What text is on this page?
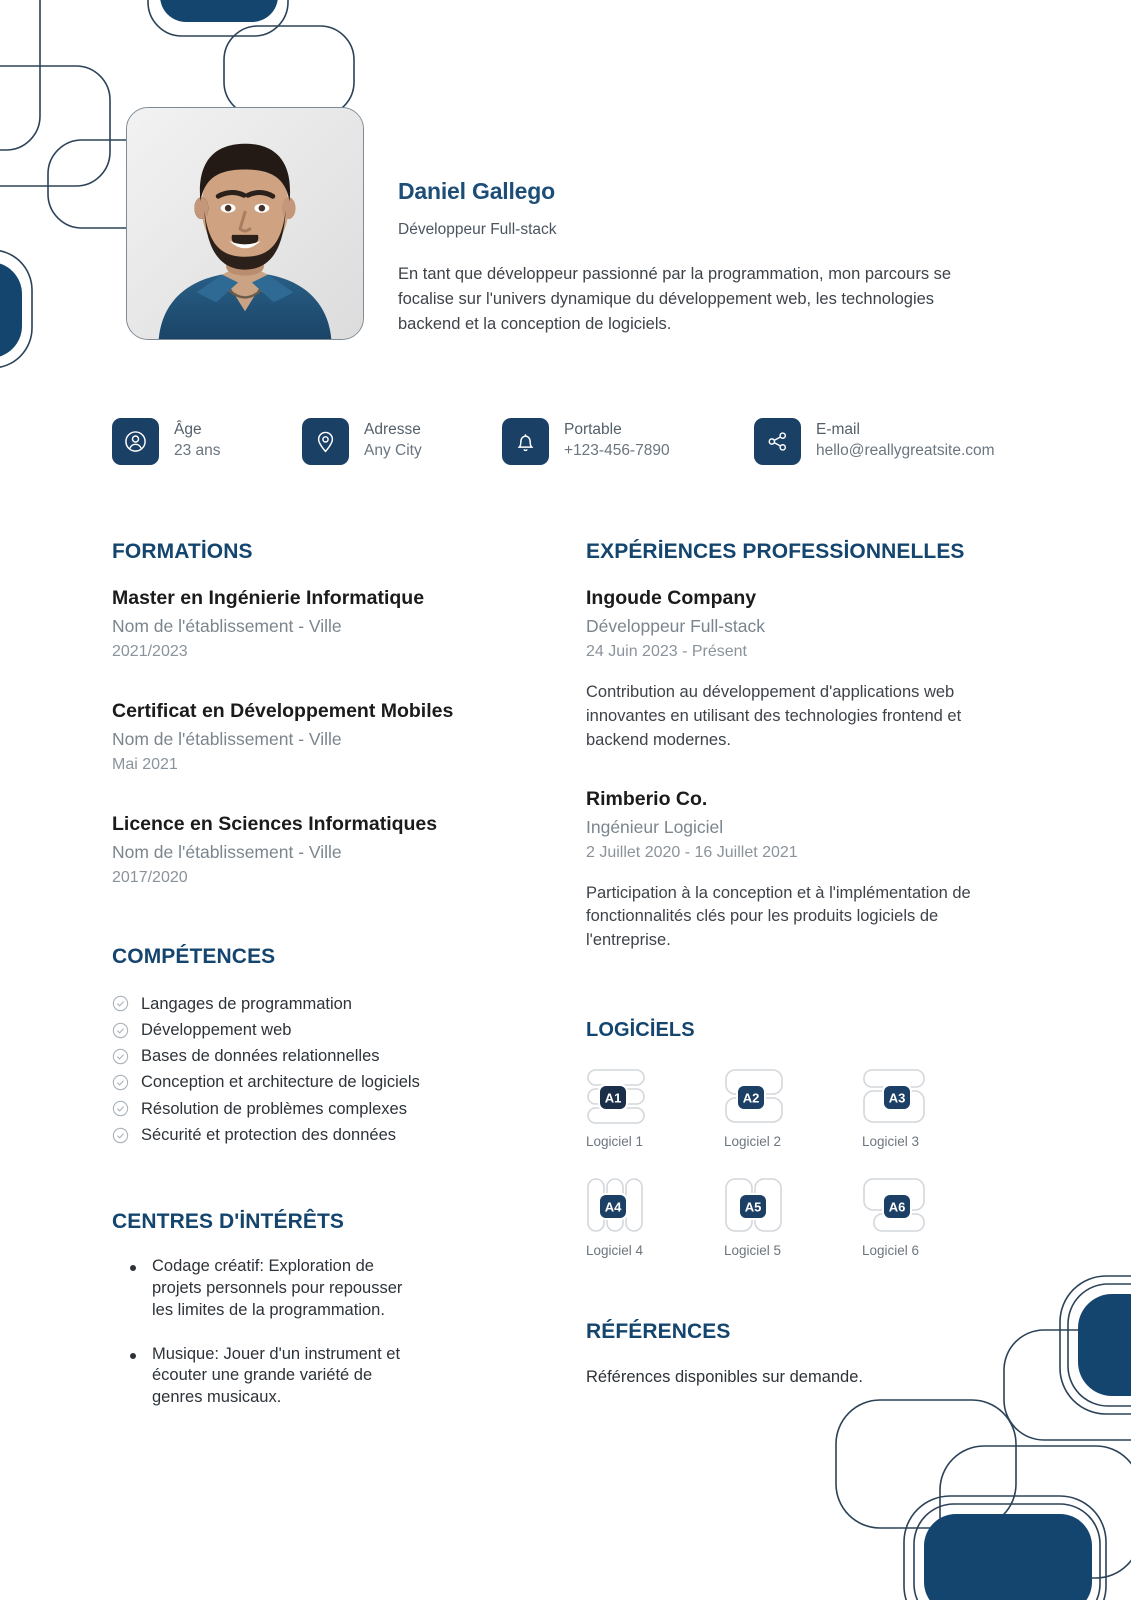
Daniel Gallego
Développeur Full-stack
En tant que développeur passionné par la programmation, mon parcours se focalise sur l'univers dynamique du développement web, les technologies backend et la conception de logiciels.
Âge
23 ans
Adresse
Any City
Portable
+123-456-7890
E-mail
hello@reallygreatsite.com
FORMATİONS
Master en Ingénierie Informatique
Nom de l'établissement - Ville
2021/2023
Certificat en Développement Mobiles
Nom de l'établissement - Ville
Mai 2021
Licence en Sciences Informatiques
Nom de l'établissement - Ville
2017/2020
COMPÉTENCES
Langages de programmation
Développement web
Bases de données relationnelles
Conception et architecture de logiciels
Résolution de problèmes complexes
Sécurité et protection des données
CENTRES D'İNTÉRÊTS
Codage créatif: Exploration de projets personnels pour repousser les limites de la programmation.
Musique: Jouer d'un instrument et écouter une grande variété de genres musicaux.
EXPÉRİENCES PROFESSİONNELLES
Ingoude Company
Développeur Full-stack
24 Juin 2023 - Présent
Contribution au développement d'applications web innovantes en utilisant des technologies frontend et backend modernes.
Rimberio Co.
Ingénieur Logiciel
2 Juillet 2020 - 16 Juillet 2021
Participation à la conception et à l'implémentation de fonctionnalités clés pour les produits logiciels de l'entreprise.
LOGİCİELS
A1
Logiciel 1
A2
Logiciel 2
A3
Logiciel 3
A4
Logiciel 4
A5
Logiciel 5
A6
Logiciel 6
RÉFÉRENCES
Références disponibles sur demande.
